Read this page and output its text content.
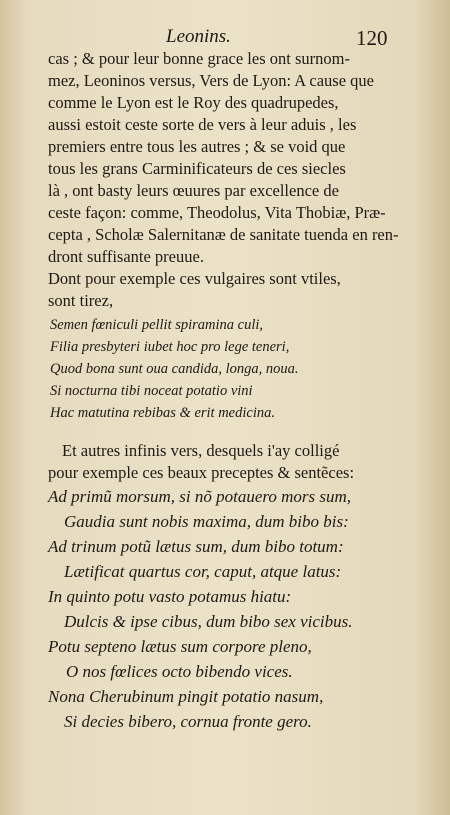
Leonins.	120
cas ; & pour leur bonne grace les ont surnom-
mez, Leoninos versus, Vers de Lyon: A cause que
comme le Lyon est le Roy des quadrupedes,
aussi estoit ceste sorte de vers à leur aduis , les
premiers entre tous les autres ; & se void que
tous les grans Carminificateurs de ces siecles
là , ont basty leurs œuures par excellence de
ceste façon: comme, Theodolus, Vita Thobiæ, Præ-
cepta , Scholæ Salernitanæ de sanitate tuenda en ren-
dront suffisante preuue.
Dont pour exemple ces vulgaires sont vtiles,
sont tirez,
Semen fœniculi pellit spiramina culi,
Filia presbyteri iubet hoc pro lege teneri,
Quod bona sunt oua candida, longa, noua.
Si nocturna tibi noceat potatio vini
Hac matutina rebibas & erit medicina.
Et autres infinis vers, desquels i'ay colligé
pour exemple ces beaux preceptes & sentẽces:
Ad primũ morsum, si nõ potauero mors sum,
Gaudia sunt nobis maxima, dum bibo bis:
Ad trinum potũ lætus sum, dum bibo totum:
Lætificat quartus cor, caput, atque latus:
In quinto potu vasto potamus hiatu:
Dulcis & ipse cibus, dum bibo sex vicibus.
Potu septeno lætus sum corpore pleno,
O nos fœlices octo bibendo vices.
Nona Cherubinum pingit potatio nasum,
Si decies bibero, cornua fronte gero.
